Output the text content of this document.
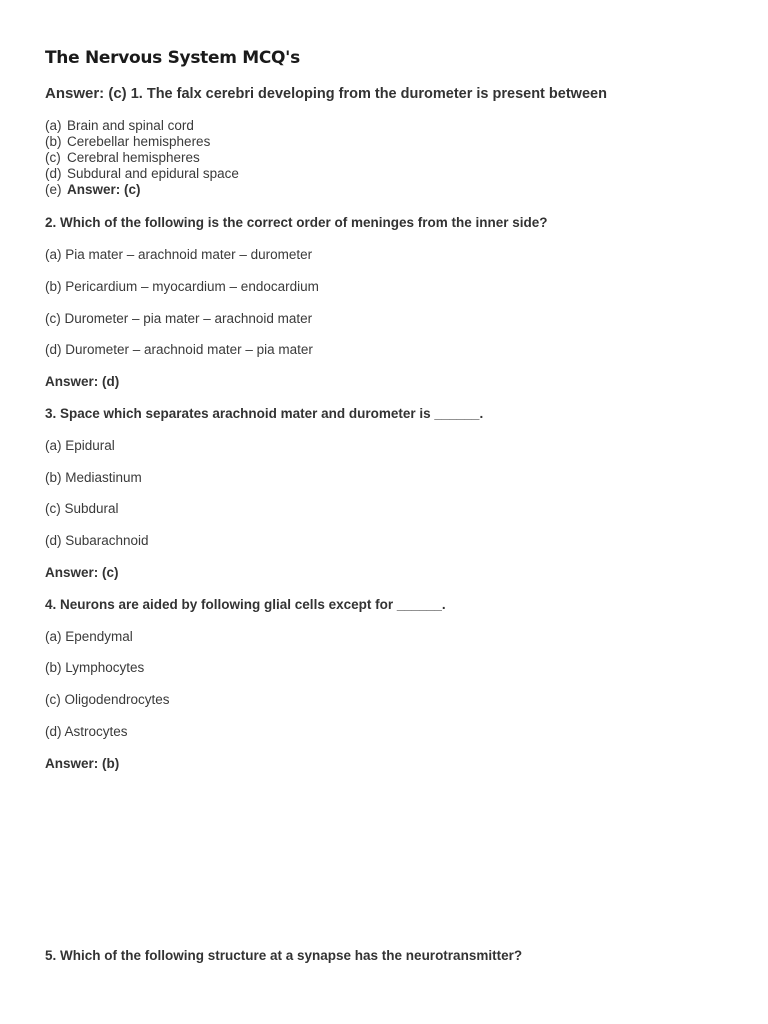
The Nervous System MCQ's
Answer: (c) 1. The falx cerebri developing from the durometer is present between
(a) Brain and spinal cord
(b) Cerebellar hemispheres
(c) Cerebral hemispheres
(d) Subdural and epidural space
(e) Answer: (c)
2. Which of the following is the correct order of meninges from the inner side?
(a) Pia mater – arachnoid mater – durometer
(b) Pericardium – myocardium – endocardium
(c) Durometer – pia mater – arachnoid mater
(d) Durometer – arachnoid mater – pia mater
Answer: (d)
3. Space which separates arachnoid mater and durometer is ______.
(a) Epidural
(b) Mediastinum
(c) Subdural
(d) Subarachnoid
Answer: (c)
4. Neurons are aided by following glial cells except for ______.
(a) Ependymal
(b) Lymphocytes
(c) Oligodendrocytes
(d) Astrocytes
Answer: (b)
5. Which of the following structure at a synapse has the neurotransmitter?
